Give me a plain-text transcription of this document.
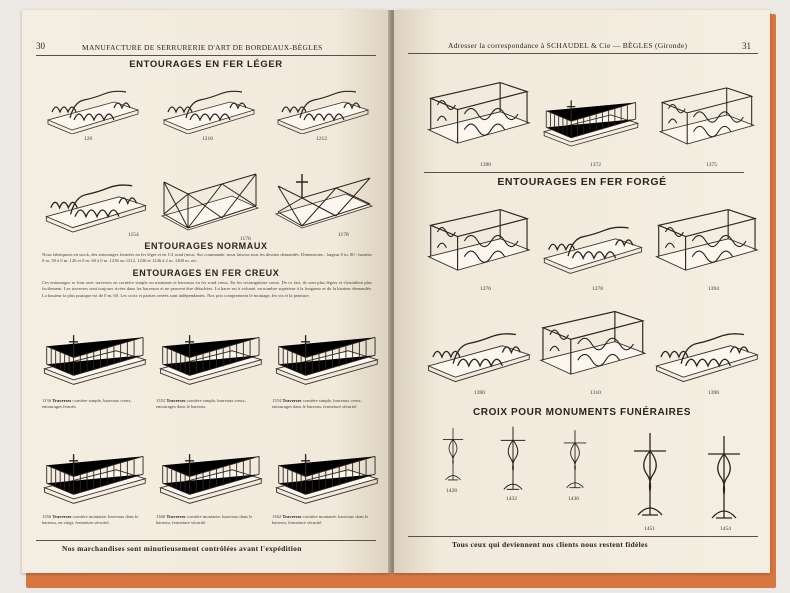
30	MANUFACTURE DE SERRURERIE D'ART DE BORDEAUX-BÈGLES
ENTOURAGES EN FER LÉGER
120	1216	1212
1154
1176
1178
ENTOURAGES NORMAUX
Nous fabriquons en stock, des entourages formées en fer léger et en 1/2 rond (nous. Sur commande, nous faisons tous les dessins demandés. Dimensions : largeur 0 m. 80 ; hauteur 0 m. 50 à 0 m. 120 et 0 m. 60 à 0 m. 1236 ou 1212, 1236 et 1246 à 2 m. 1200 m. etc.
ENTOURAGES EN FER CREUX
Ces entourages se font avec traverses en cornière simple ou montants et barreaux en fer rond creux. En fer rectangulaire creux. De ce fait, ils sont plus légers et s'installent plus facilement. Les traverses sont toujours rivées dans les barreaux et ne peuvent être détachées. La barre est à volonté, en nombre supérieur à la longueur et de la hauteur demandée. La hauteur la plus pratique est de 0 m. 60. Les croix et parties ornées sont indépendantes. Nos prix comprennent le montage, les vis et la peinture.
1136 Traverses cornière simple, barreaux creux, entourages fermés.
1352 Traverses cornière simple, barreaux creux, entourages dans le barreau.
1354 Traverses cornière simple, barreaux creux, entourages dans le barreau, fermeture sécurité.
1356 Traverses cornière montante, barreaux dans le barreau, en vingt, fermeture sécurité.
1360 Traverses cornière montante, barreaux dans le barreau, fermeture sécurité.
1362 Traverses cornière montante, barreaux dans le barreau, fermeture sécurité.
Nos marchandises sont minutieusement contrôlées avant l'expédition
Adresser la correspondance à SCHAUDEL & Cie — BÈGLES (Gironde)	31
1390	1372	1375
ENTOURAGES EN FER FORGÉ
1276	1278	1394
1390	1310	1396
CROIX POUR MONUMENTS FUNÉRAIRES
1428
1432	1436
1451	1454
Tous ceux qui deviennent nos clients nous restent fidèles
